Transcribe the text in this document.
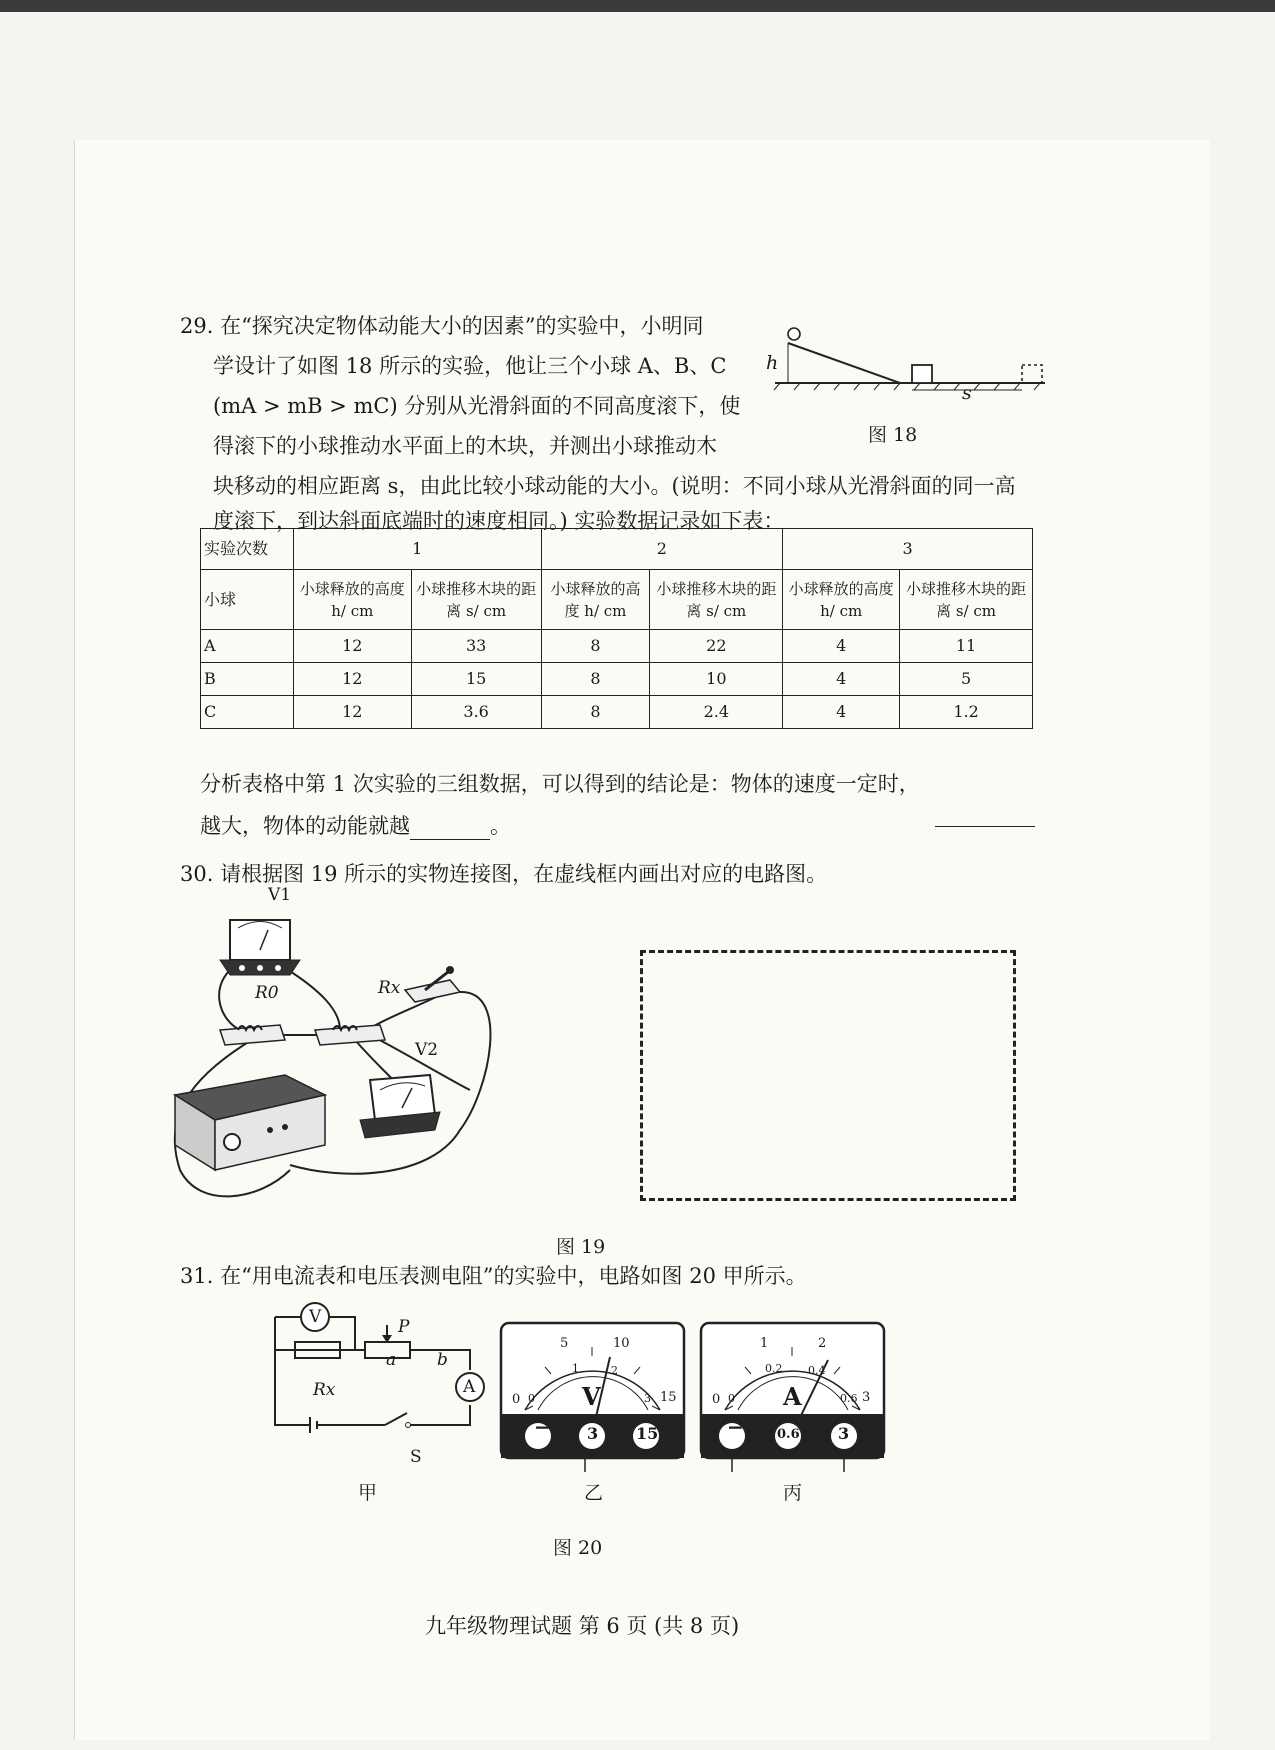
29. 在“探究决定物体动能大小的因素”的实验中，小明同
学设计了如图 18 所示的实验，他让三个小球 A、B、C
(mA > mB > mC) 分别从光滑斜面的不同高度滚下，使
得滚下的小球推动水平面上的木块，并测出小球推动木
块移动的相应距离 s，由此比较小球动能的大小。(说明：不同小球从光滑斜面的同一高
度滚下，到达斜面底端时的速度相同。) 实验数据记录如下表：
h
s
图 18
实验次数	1		2		3	
小球	小球释放的高度 h/ cm	小球推移木块的距离 s/ cm	小球释放的高度 h/ cm	小球推移木块的距离 s/ cm	小球释放的高度 h/ cm	小球推移木块的距离 s/ cm
A	12	33	8	22	4	11
B	12	15	8	10	4	5
C	12	3.6	8	2.4	4	1.2
分析表格中第 1 次实验的三组数据，可以得到的结论是：物体的速度一定时，
越大，物体的动能就越	。
30. 请根据图 19 所示的实物连接图，在虚线框内画出对应的电路图。
V1
R0	Rx
V2
图 19
31. 在“用电流表和电压表测电阻”的实验中，电路如图 20 甲所示。
V
A
P
Rx
a b
S
甲
− 3 15
V
0
5	10
15
0
1	2
3
乙
−	0.6 3
A
0
1	2
3
0
0.2 0.4
0.6
丙
图 20
九年级物理试题 第 6 页 (共 8 页)
